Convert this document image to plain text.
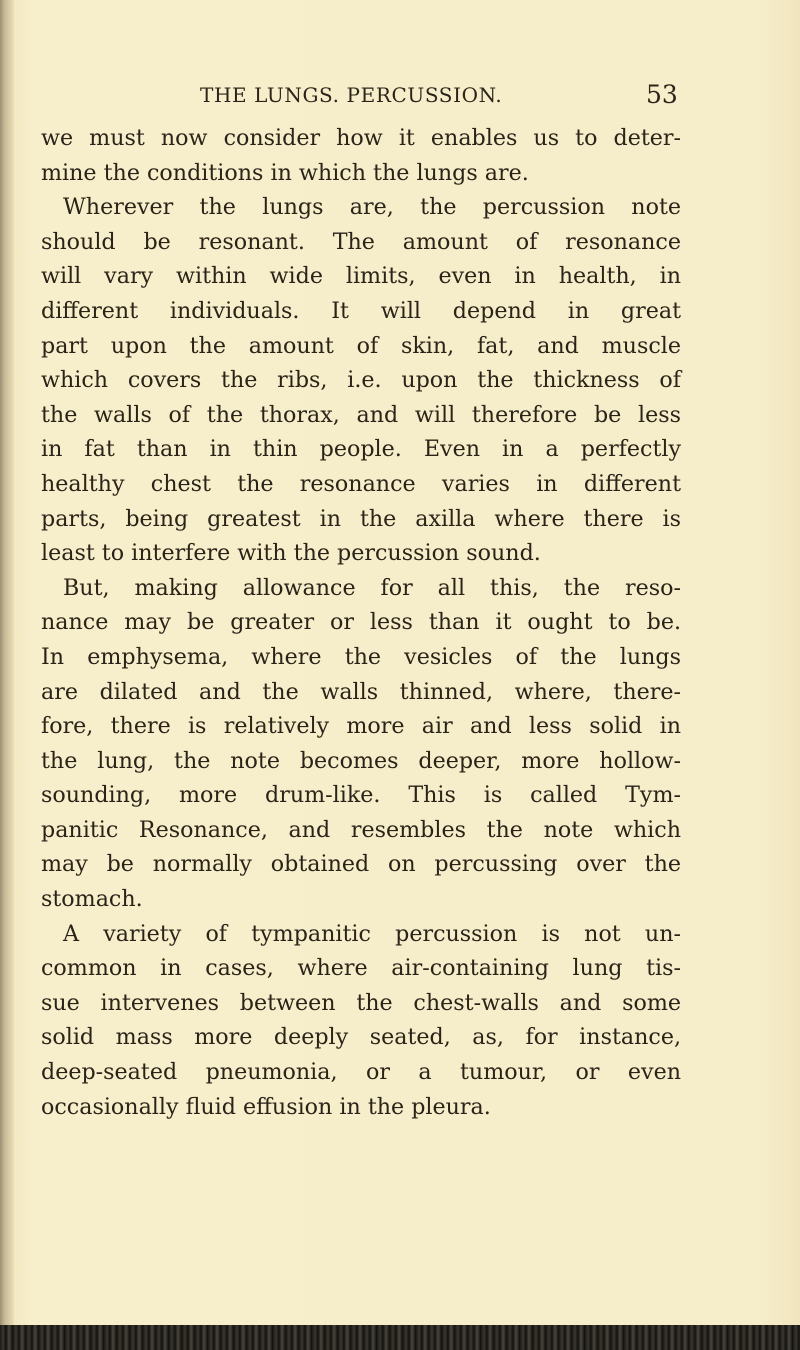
THE LUNGS. PERCUSSION.	53
we must now consider how it enables us to deter-
mine the conditions in which the lungs are.
Wherever the lungs are, the percussion note
should be resonant. The amount of resonance
will vary within wide limits, even in health, in
different individuals. It will depend in great
part upon the amount of skin, fat, and muscle
which covers the ribs, i.e. upon the thickness of
the walls of the thorax, and will therefore be less
in fat than in thin people. Even in a perfectly
healthy chest the resonance varies in different
parts, being greatest in the axilla where there is
least to interfere with the percussion sound.
But, making allowance for all this, the reso-
nance may be greater or less than it ought to be.
In emphysema, where the vesicles of the lungs
are dilated and the walls thinned, where, there-
fore, there is relatively more air and less solid in
the lung, the note becomes deeper, more hollow-
sounding, more drum-like. This is called Tym-
panitic Resonance, and resembles the note which
may be normally obtained on percussing over the
stomach.
A variety of tympanitic percussion is not un-
common in cases, where air-containing lung tis-
sue intervenes between the chest-walls and some
solid mass more deeply seated, as, for instance,
deep-seated pneumonia, or a tumour, or even
occasionally fluid effusion in the pleura.
